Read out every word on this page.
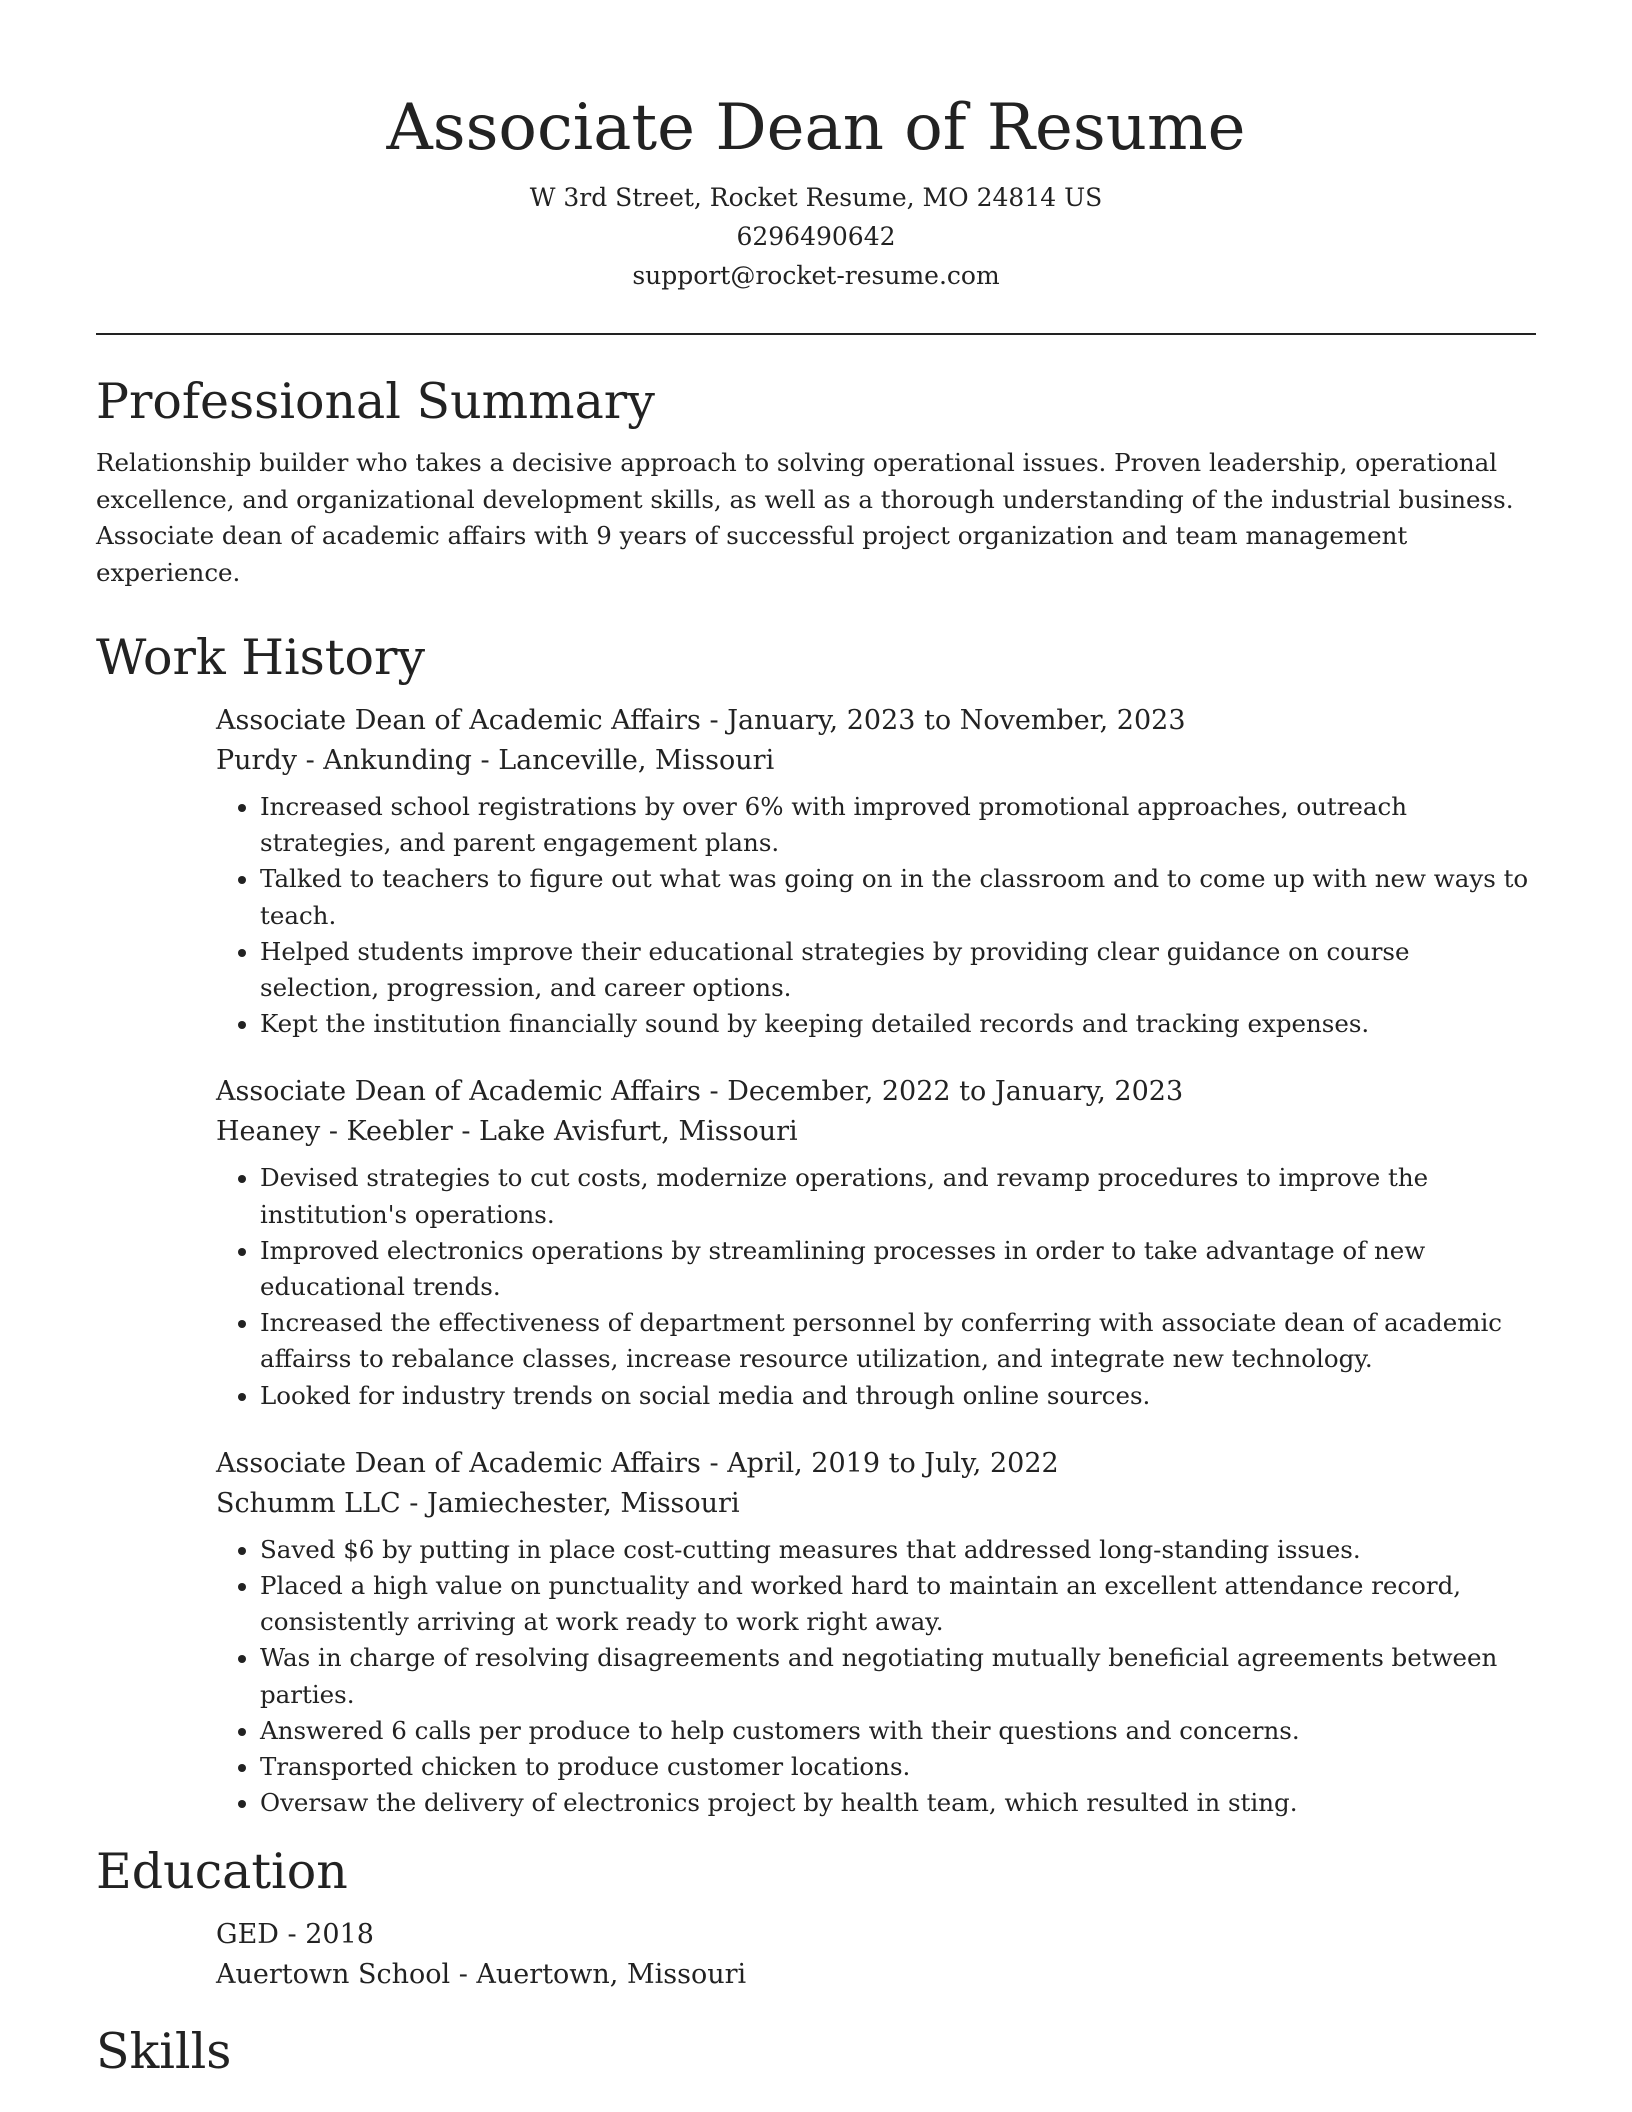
Associate Dean of Resume
W 3rd Street, Rocket Resume, MO 24814 US
6296490642
support@rocket-resume.com
Professional Summary

Relationship builder who takes a decisive approach to solving operational issues. Proven leadership, operational excellence, and organizational development skills, as well as a thorough understanding of the industrial business. Associate dean of academic affairs with 9 years of successful project organization and team management experience.

Work History
Associate Dean of Academic Affairs - January, 2023 to November, 2023
Purdy - Ankunding - Lanceville, Missouri
• Increased school registrations by over 6% with improved promotional approaches, outreach strategies, and parent engagement plans.
• Talked to teachers to figure out what was going on in the classroom and to come up with new ways to teach.
• Helped students improve their educational strategies by providing clear guidance on course selection, progression, and career options.
• Kept the institution financially sound by keeping detailed records and tracking expenses.
Associate Dean of Academic Affairs - December, 2022 to January, 2023
Heaney - Keebler - Lake Avisfurt, Missouri
• Devised strategies to cut costs, modernize operations, and revamp procedures to improve the institution's operations.
• Improved electronics operations by streamlining processes in order to take advantage of new educational trends.
• Increased the effectiveness of department personnel by conferring with associate dean of academic affairss to rebalance classes, increase resource utilization, and integrate new technology.
• Looked for industry trends on social media and through online sources.
Associate Dean of Academic Affairs - April, 2019 to July, 2022
Schumm LLC - Jamiechester, Missouri
• Saved $6 by putting in place cost-cutting measures that addressed long-standing issues.
• Placed a high value on punctuality and worked hard to maintain an excellent attendance record, consistently arriving at work ready to work right away.
• Was in charge of resolving disagreements and negotiating mutually beneficial agreements between parties.
• Answered 6 calls per produce to help customers with their questions and concerns.
• Transported chicken to produce customer locations.
• Oversaw the delivery of electronics project by health team, which resulted in sting.
Education
GED - 2018
Auertown School - Auertown, Missouri
Skills
